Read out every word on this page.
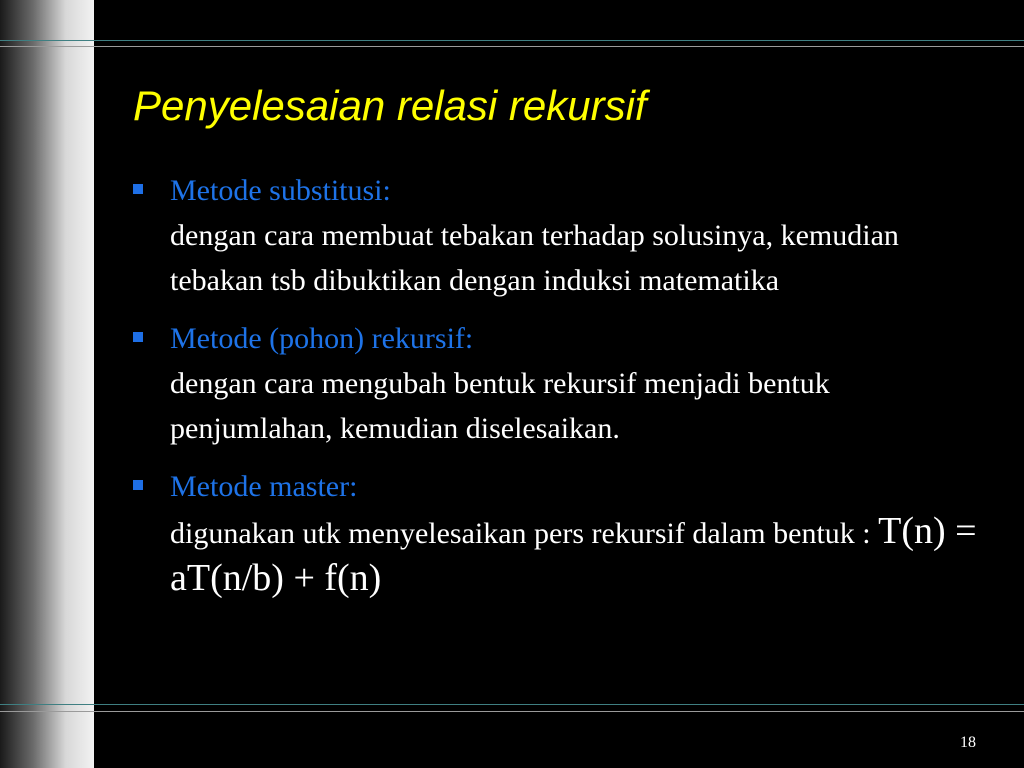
Penyelesaian relasi rekursif
Metode substitusi:
dengan cara membuat tebakan terhadap solusinya, kemudian tebakan tsb dibuktikan dengan induksi matematika
Metode (pohon) rekursif:
dengan cara mengubah bentuk rekursif menjadi bentuk penjumlahan, kemudian diselesaikan.
Metode master:
digunakan utk menyelesaikan pers rekursif dalam bentuk : T(n) = aT(n/b) + f(n)
18
